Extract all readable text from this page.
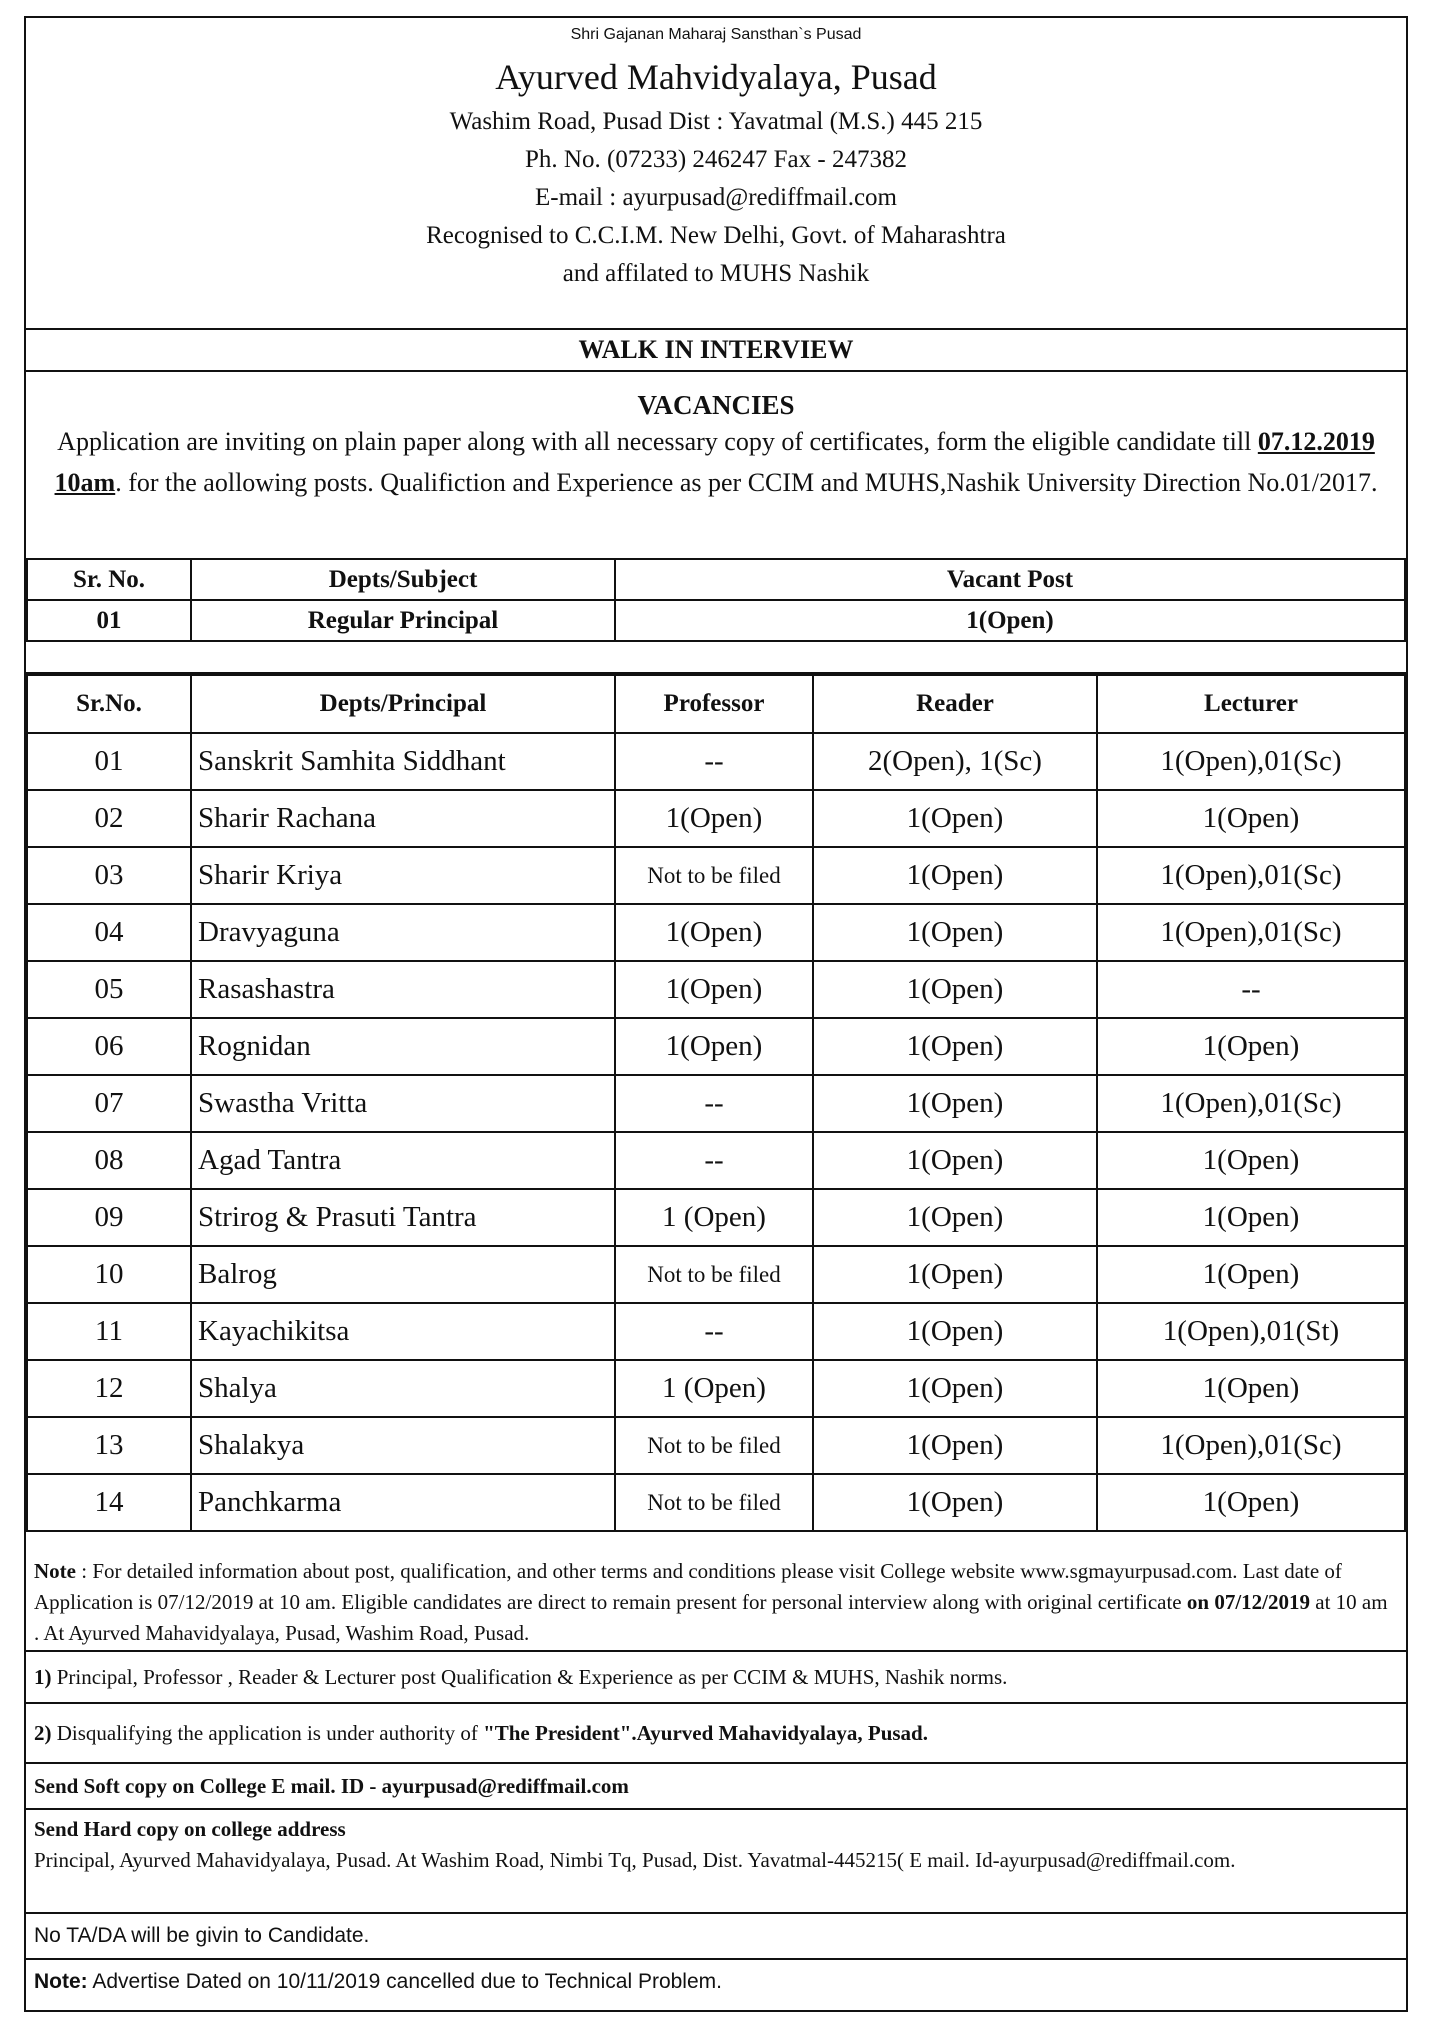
Shri Gajanan Maharaj Sansthan`s Pusad
Ayurved Mahvidyalaya, Pusad
Washim Road, Pusad Dist : Yavatmal (M.S.) 445 215
Ph. No. (07233) 246247 Fax - 247382
E-mail : ayurpusad@rediffmail.com
Recognised to C.C.I.M. New Delhi, Govt. of Maharashtra
and affilated to MUHS Nashik
WALK IN INTERVIEW
VACANCIES
Application are inviting on plain paper along with all necessary copy of certificates, form the eligible candidate till 07.12.2019 10am. for the aollowing posts. Qualifiction and Experience as per CCIM and MUHS,Nashik University Direction No.01/2017.
Sr. No.	Depts/Subject	Vacant Post
01	Regular Principal	1(Open)
Sr.No.	Depts/Principal	Professor	Reader	Lecturer
01	Sanskrit Samhita Siddhant	--	2(Open), 1(Sc)	1(Open),01(Sc)
02	Sharir Rachana	1(Open)	1(Open)	1(Open)
03	Sharir Kriya	Not to be filed	1(Open)	1(Open),01(Sc)
04	Dravyaguna	1(Open)	1(Open)	1(Open),01(Sc)
05	Rasashastra	1(Open)	1(Open)	--
06	Rognidan	1(Open)	1(Open)	1(Open)
07	Swastha Vritta	--	1(Open)	1(Open),01(Sc)
08	Agad Tantra	--	1(Open)	1(Open)
09	Strirog & Prasuti Tantra	1 (Open)	1(Open)	1(Open)
10	Balrog	Not to be filed	1(Open)	1(Open)
11	Kayachikitsa	--	1(Open)	1(Open),01(St)
12	Shalya	1 (Open)	1(Open)	1(Open)
13	Shalakya	Not to be filed	1(Open)	1(Open),01(Sc)
14	Panchkarma	Not to be filed	1(Open)	1(Open)
Note : For detailed information about post, qualification, and other terms and conditions please visit College website www.sgmayurpusad.com. Last date of Application is 07/12/2019 at 10 am. Eligible candidates are direct to remain present for personal interview along with original certificate on 07/12/2019 at 10 am . At Ayurved Mahavidyalaya, Pusad, Washim Road, Pusad.
1) Principal, Professor , Reader & Lecturer post Qualification & Experience as per CCIM & MUHS, Nashik norms.
2) Disqualifying the application is under authority of "The President".Ayurved Mahavidyalaya, Pusad.
Send Soft copy on College E mail. ID - ayurpusad@rediffmail.com
Send Hard copy on college address
Principal, Ayurved Mahavidyalaya, Pusad. At Washim Road, Nimbi Tq, Pusad, Dist. Yavatmal-445215( E mail. Id-ayurpusad@rediffmail.com.
No TA/DA will be givin to Candidate.
Note: Advertise Dated on 10/11/2019 cancelled due to Technical Problem.
